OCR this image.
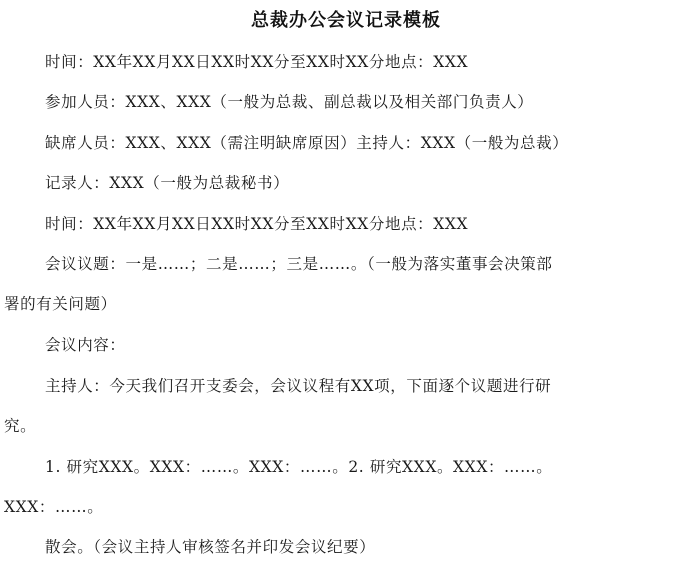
总裁办公会议记录模板
时间：XX年XX月XX日XX时XX分至XX时XX分地点：XXX
参加人员：XXX、XXX（一般为总裁、副总裁以及相关部门负责人）
缺席人员：XXX、XXX（需注明缺席原因）主持人：XXX（一般为总裁）
记录人：XXX（一般为总裁秘书）
时间：XX年XX月XX日XX时XX分至XX时XX分地点：XXX
会议议题：一是……；二是……；三是……。（一般为落实董事会决策部
署的有关问题）
会议内容：
主持人：今天我们召开支委会，会议议程有XX项，下面逐个议题进行研
究。
1. 研究XXX。XXX：……。XXX：……。2. 研究XXX。XXX：……。
XXX：……。
散会。（会议主持人审核签名并印发会议纪要）
